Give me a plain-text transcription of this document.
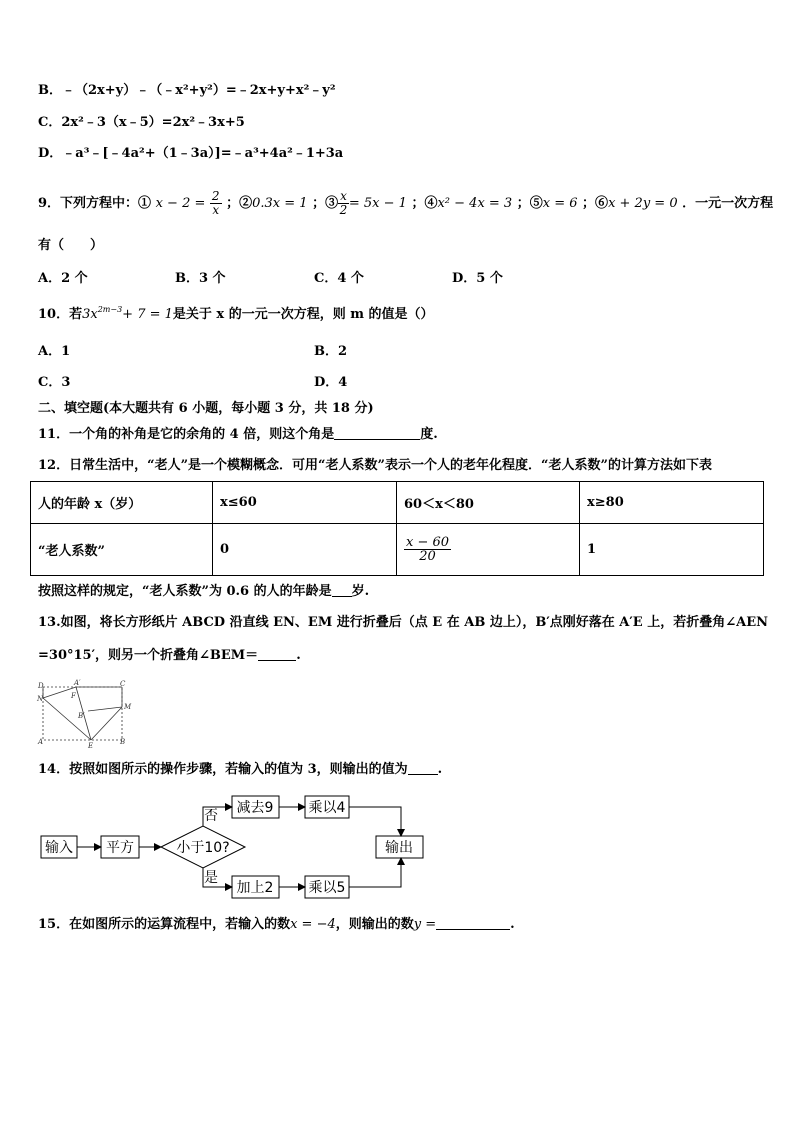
B．﹣（2x+y）﹣（﹣x²+y²）=﹣2x+y+x²﹣y²
C．2x²﹣3（x﹣5）=2x²﹣3x+5
D．﹣a³﹣[﹣4a²+（1﹣3a）]=﹣a³+4a²﹣1+3a
9．下列方程中：① $x - 2 = \frac{2}{x}$ ；②0.3x = 1 ；③ $\frac{x}{2} = 5x - 1$ ；④x² − 4x = 3 ；⑤x = 6 ；⑥x + 2y = 0 ．一元一次方程
有（　　）
A．2 个	B．3 个	C．4 个	D．5 个
10．若$3x^{2m-3}+ 7 = 1$是关于 x 的一元一次方程，则 m 的值是（）
A．1	B．2
C．3	D．4
二、填空题(本大题共有 6 小题，每小题 3 分，共 18 分)
11．一个角的补角是它的余角的 4 倍，则这个角是	度.
12．日常生活中，“老人”是一个模糊概念．可用“老人系数”表示一个人的老年化程度．“老人系数”的计算方法如下表
人的年龄 x（岁）	x≤60	60＜x＜80	x≥80
“老人系数”	0	$\frac{x - 60}{20}$	1
按照这样的规定，“老人系数”为 0.6 的人的年龄是 岁.
13.如图，将长方形纸片 ABCD 沿直线 EN、EM 进行折叠后（点 E 在 AB 边上），B′点刚好落在 A′E 上，若折叠角∠AEN
=30°15′，则另一个折叠角∠BEM＝	.
D	A′	C
N	F
M
B′
A	E	B
14．按照如图所示的操作步骤，若输入的值为 3，则输出的值为 .
输入 平方	小于10?
否
是
减去9	乘以4
加上2	乘以5
输出
15．在如图所示的运算流程中，若输入的数x = −4，则输出的数y =	.
